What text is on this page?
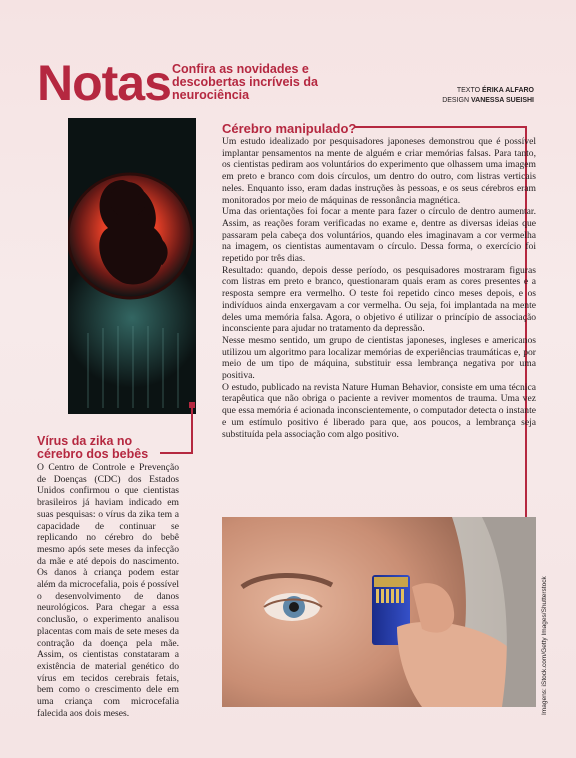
Notas Confira as novidades e descobertas incríveis da neurociência	TEXTO ÉRIKA ALFARO
DESIGN VANESSA SUEISHI
Cérebro manipulado?

Um estudo idealizado por pesquisadores japoneses demonstrou que é possível implantar pensamentos na mente de alguém e criar memórias falsas. Para tanto, os cientistas pediram aos voluntários do experimento que olhassem uma imagem em preto e branco com dois círculos, um dentro do outro, com listras verticais neles. Enquanto isso, eram dadas instruções às pessoas, e os seus cérebros eram monitorados por meio de máquinas de ressonância magnética.

Uma das orientações foi focar a mente para fazer o círculo de dentro aumentar. Assim, as reações foram verificadas no exame e, dentre as diversas ideias que passaram pela cabeça dos voluntários, quando eles imaginavam a cor vermelha na imagem, os cientistas aumentavam o círculo. Dessa forma, o exercício foi repetido por três dias.

Resultado: quando, depois desse período, os pesquisadores mostraram figuras com listras em preto e branco, questionaram quais eram as cores presentes e a resposta sempre era vermelho. O teste foi repetido cinco meses depois, e os indivíduos ainda enxergavam a cor vermelha. Ou seja, foi implantada na mente deles uma memória falsa. Agora, o objetivo é utilizar o princípio de associação inconsciente para ajudar no tratamento da depressão.

Nesse mesmo sentido, um grupo de cientistas japoneses, ingleses e americanos utilizou um algoritmo para localizar memórias de experiências traumáticas e, por meio de um tipo de máquina, substituir essa lembrança negativa por uma positiva.

O estudo, publicado na revista Nature Human Behavior, consiste em uma técnica terapêutica que não obriga o paciente a reviver momentos de trauma. Uma vez que essa memória é acionada inconscientemente, o computador detecta o instante e um estímulo positivo é liberado para que, aos poucos, a lembrança seja substituída pela associação com algo positivo.

Vírus da zika no cérebro dos bebês

O Centro de Controle e Prevenção de Doenças (CDC) dos Estados Unidos confirmou o que cientistas brasileiros já haviam indicado em suas pesquisas: o vírus da zika tem a capacidade de continuar se replicando no cérebro do bebê mesmo após sete meses da infecção da mãe e até depois do nascimento. Os danos à criança podem estar além da microcefalia, pois é possível o desenvolvimento de danos neurológicos. Para chegar a essa conclusão, o experimento analisou placentas com mais de sete meses da contração da doença pela mãe. Assim, os cientistas constataram a existência de material genético do vírus em tecidos cerebrais fetais, bem como o crescimento dele em uma criança com microcefalia falecida aos dois meses.	Imagens: iStock.com/Getty Images/Shutterstock
